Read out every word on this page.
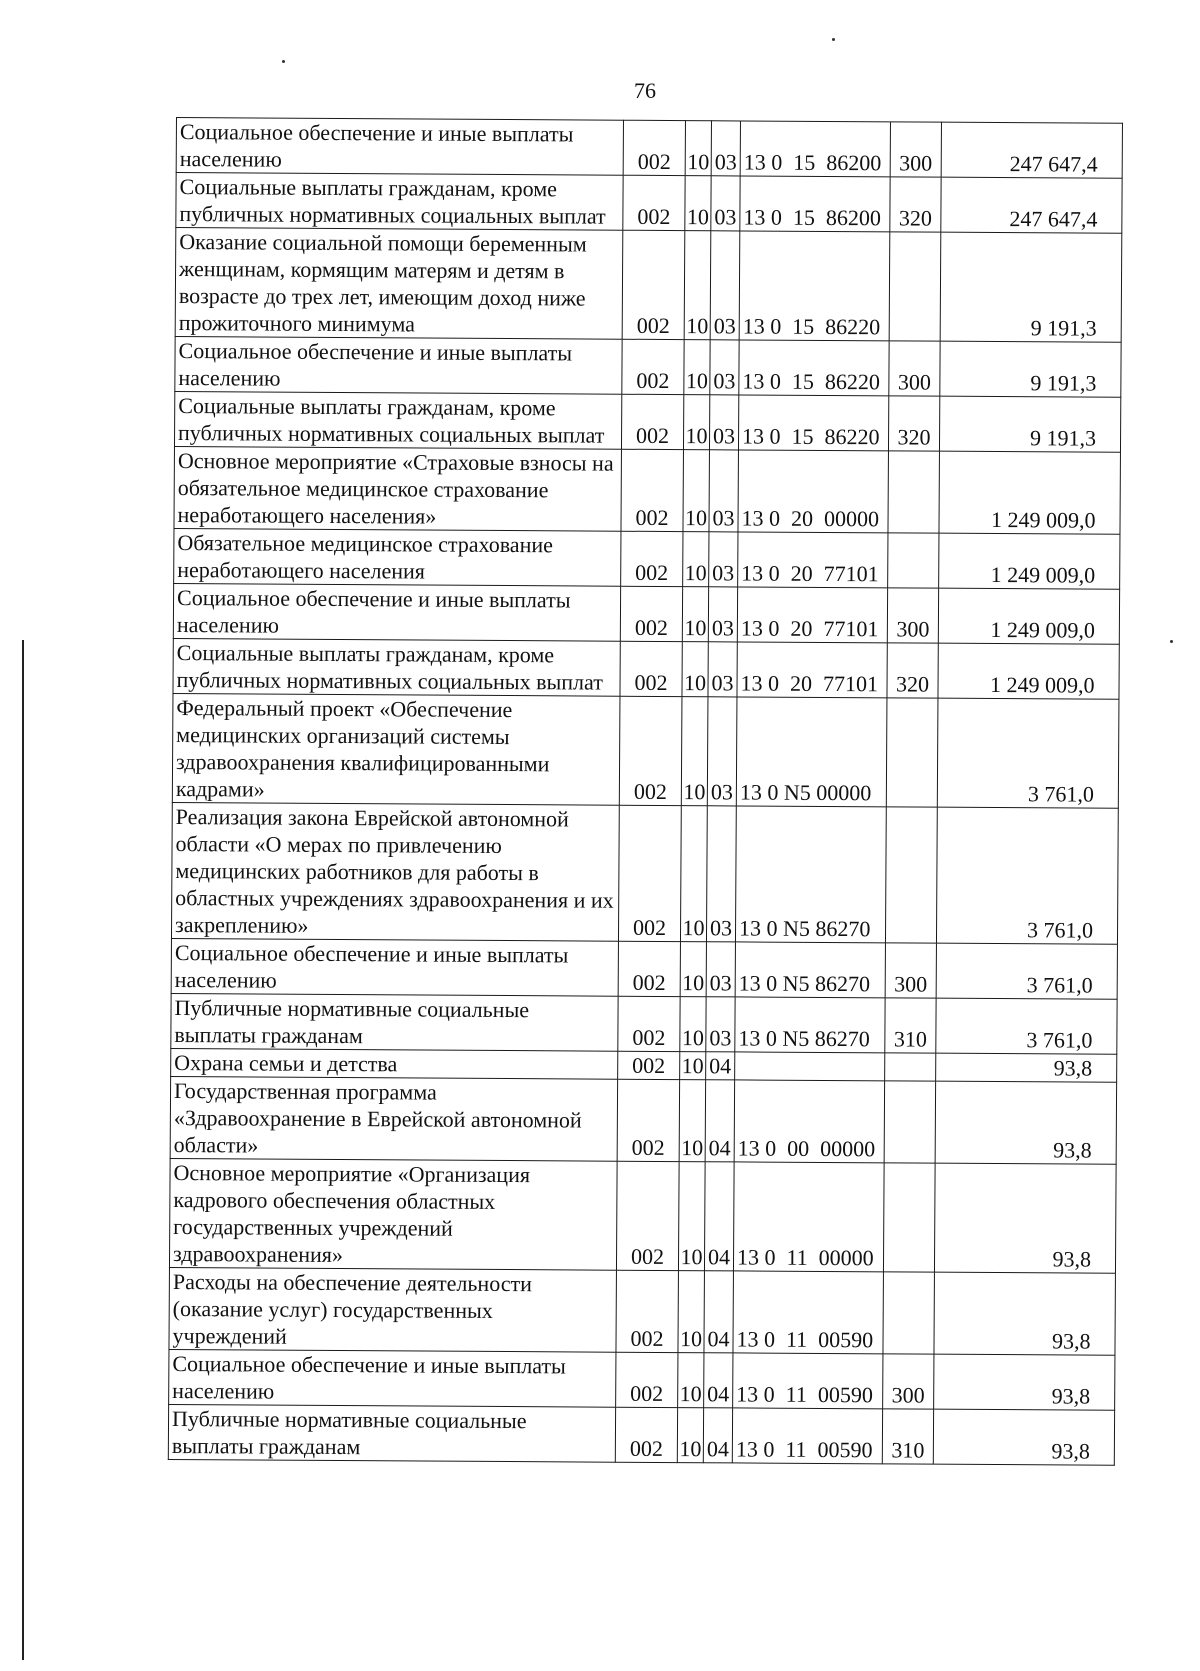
76
Социальное обеспечение и иные выплаты населению	002	10	03	13 0  15  86200	300	247 647,4
Социальные выплаты гражданам, кроме публичных нормативных социальных выплат	002	10	03	13 0  15  86200	320	247 647,4
Оказание социальной помощи беременным женщинам, кормящим матерям и детям в возрасте до трех лет, имеющим доход ниже прожиточного минимума	002	10	03	13 0  15  86220		9 191,3
Социальное обеспечение и иные выплаты населению	002	10	03	13 0  15  86220	300	9 191,3
Социальные выплаты гражданам, кроме публичных нормативных социальных выплат	002	10	03	13 0  15  86220	320	9 191,3
Основное мероприятие «Страховые взносы на обязательное медицинское страхование неработающего населения»	002	10	03	13 0  20  00000		1 249 009,0
Обязательное медицинское страхование неработающего населения	002	10	03	13 0  20  77101		1 249 009,0
Социальное обеспечение и иные выплаты населению	002	10	03	13 0  20  77101	300	1 249 009,0
Социальные выплаты гражданам, кроме публичных нормативных социальных выплат	002	10	03	13 0  20  77101	320	1 249 009,0
Федеральный проект «Обеспечение медицинских организаций системы здравоохранения квалифицированными кадрами»	002	10	03	13 0 N5 00000		3 761,0
Реализация закона Еврейской автономной области «О мерах по привлечению медицинских работников для работы в областных учреждениях здравоохранения и их закреплению»	002	10	03	13 0 N5 86270		3 761,0
Социальное обеспечение и иные выплаты населению	002	10	03	13 0 N5 86270	300	3 761,0
Публичные нормативные социальные выплаты гражданам	002	10	03	13 0 N5 86270	310	3 761,0
Охрана семьи и детства	002	10	04			93,8
Государственная программа «Здравоохранение в Еврейской автономной области»	002	10	04	13 0  00  00000		93,8
Основное мероприятие «Организация кадрового обеспечения областных государственных учреждений здравоохранения»	002	10	04	13 0  11  00000		93,8
Расходы на обеспечение деятельности (оказание услуг) государственных учреждений	002	10	04	13 0  11  00590		93,8
Социальное обеспечение и иные выплаты населению	002	10	04	13 0  11  00590	300	93,8
Публичные нормативные социальные выплаты гражданам	002	10	04	13 0  11  00590	310	93,8
